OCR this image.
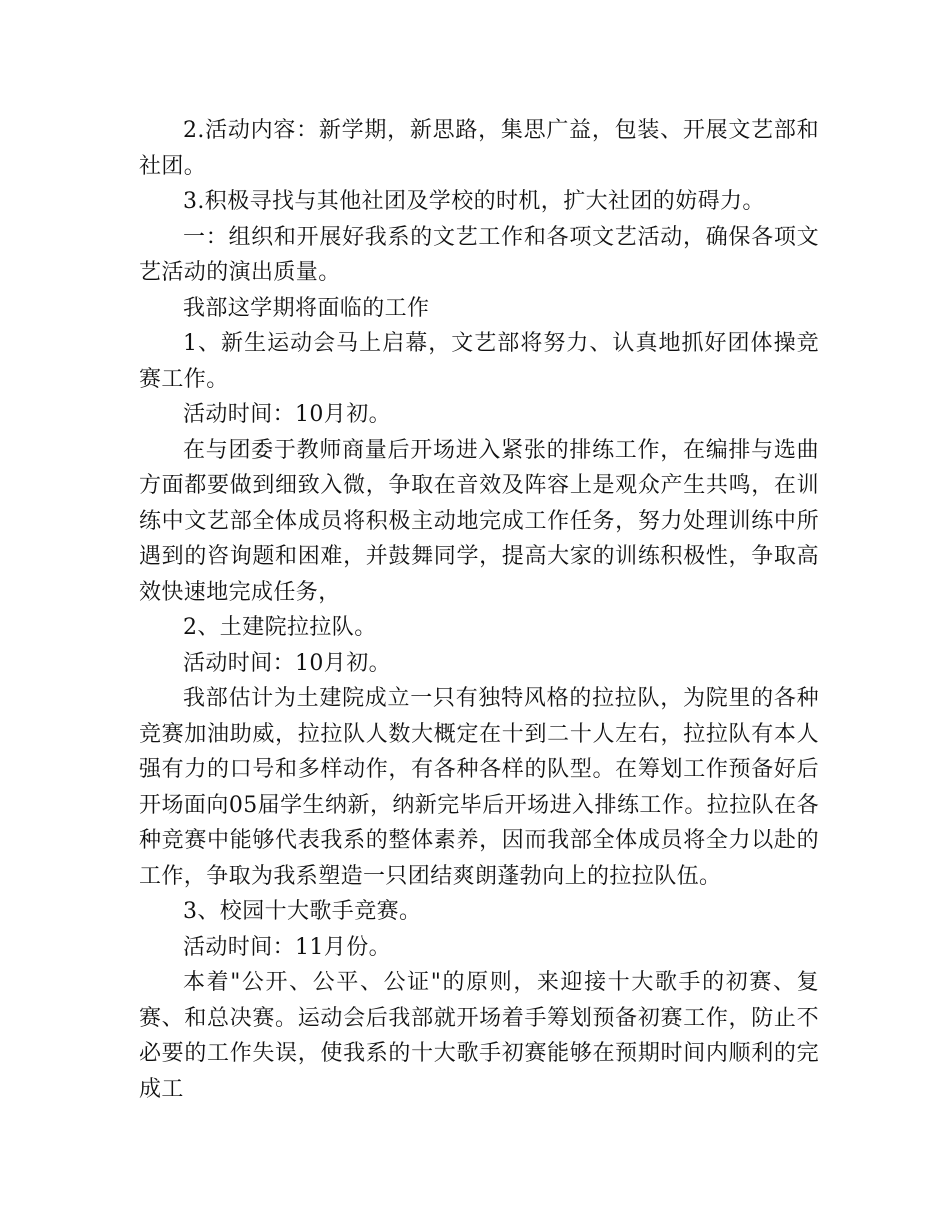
2.活动内容：新学期，新思路，集思广益，包装、开展文艺部和社团。

3.积极寻找与其他社团及学校的时机，扩大社团的妨碍力。

一：组织和开展好我系的文艺工作和各项文艺活动，确保各项文艺活动的演出质量。

我部这学期将面临的工作

1、新生运动会马上启幕，文艺部将努力、认真地抓好团体操竞赛工作。

活动时间：10月初。

在与团委于教师商量后开场进入紧张的排练工作，在编排与选曲方面都要做到细致入微，争取在音效及阵容上是观众产生共鸣，在训练中文艺部全体成员将积极主动地完成工作任务，努力处理训练中所遇到的咨询题和困难，并鼓舞同学，提高大家的训练积极性，争取高效快速地完成任务，

2、土建院拉拉队。

活动时间：10月初。

我部估计为土建院成立一只有独特风格的拉拉队，为院里的各种竞赛加油助威，拉拉队人数大概定在十到二十人左右，拉拉队有本人强有力的口号和多样动作，有各种各样的队型。在筹划工作预备好后开场面向05届学生纳新，纳新完毕后开场进入排练工作。拉拉队在各种竞赛中能够代表我系的整体素养，因而我部全体成员将全力以赴的工作，争取为我系塑造一只团结爽朗蓬勃向上的拉拉队伍。

3、校园十大歌手竞赛。

活动时间：11月份。

本着"公开、公平、公证"的原则，来迎接十大歌手的初赛、复赛、和总决赛。运动会后我部就开场着手筹划预备初赛工作，防止不必要的工作失误，使我系的十大歌手初赛能够在预期时间内顺利的完成工
